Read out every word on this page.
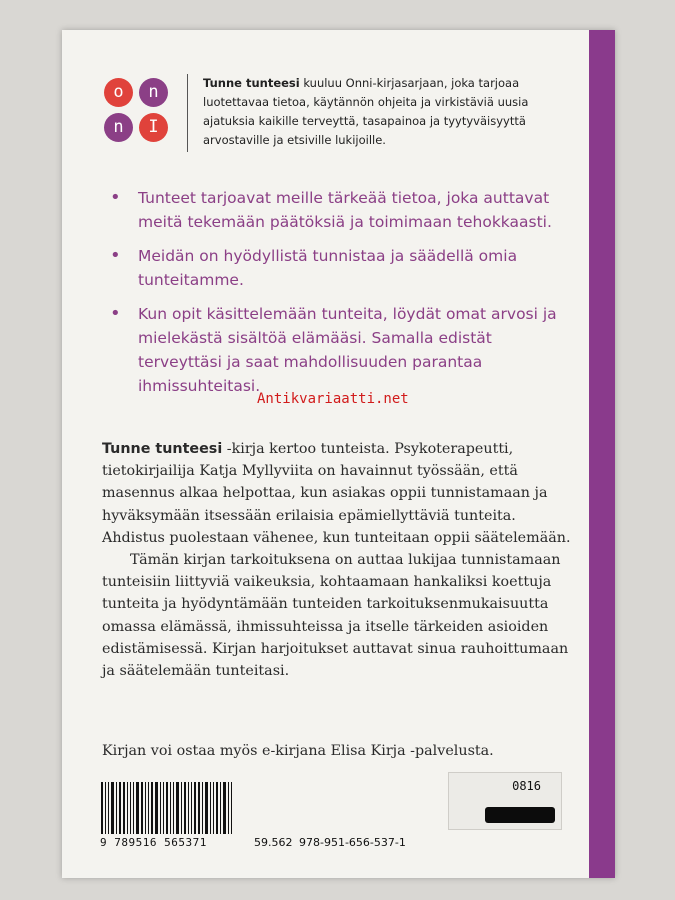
o	n
n	I
Tunne tunteesi kuuluu Onni-kirjasarjaan, joka tarjoaa luotettavaa tietoa, käytännön ohjeita ja virkistäviä uusia ajatuksia kaikille terveyttä, tasapainoa ja tyytyväisyyttä arvostaville ja etsiville lukijoille.
• Tunteet tarjoavat meille tärkeää tietoa, joka auttavat meitä tekemään päätöksiä ja toimimaan tehokkaasti.
• Meidän on hyödyllistä tunnistaa ja säädellä omia tunteitamme.
• Kun opit käsittelemään tunteita, löydät omat arvosi ja mielekästä sisältöä elämääsi. Samalla edistät terveyttäsi ja saat mahdollisuuden parantaa ihmissuhteitasi.
Antikvariaatti.net

Tunne tunteesi -kirja kertoo tunteista. Psykoterapeutti, tietokirjailija Katja Myllyviita on havainnut työssään, että masennus alkaa helpottaa, kun asiakas oppii tunnistamaan ja hyväksymään itsessään erilaisia epämiellyttäviä tunteita. Ahdistus puolestaan vähenee, kun tunteitaan oppii säätelemään.

Tämän kirjan tarkoituksena on auttaa lukijaa tunnistamaan tunteisiin liittyviä vaikeuksia, kohtaamaan hankaliksi koettuja tunteita ja hyödyntämään tunteiden tarkoituksenmukaisuutta omassa elämässä, ihmissuhteissa ja itselle tärkeiden asioiden edistämisessä. Kirjan harjoitukset auttavat sinua rauhoittumaan ja säätelemään tunteitasi.

Kirjan voi ostaa myös e-kirjana Elisa Kirja -palvelusta.
9 789516 565371	59.562 978-951-656-537-1
0816
